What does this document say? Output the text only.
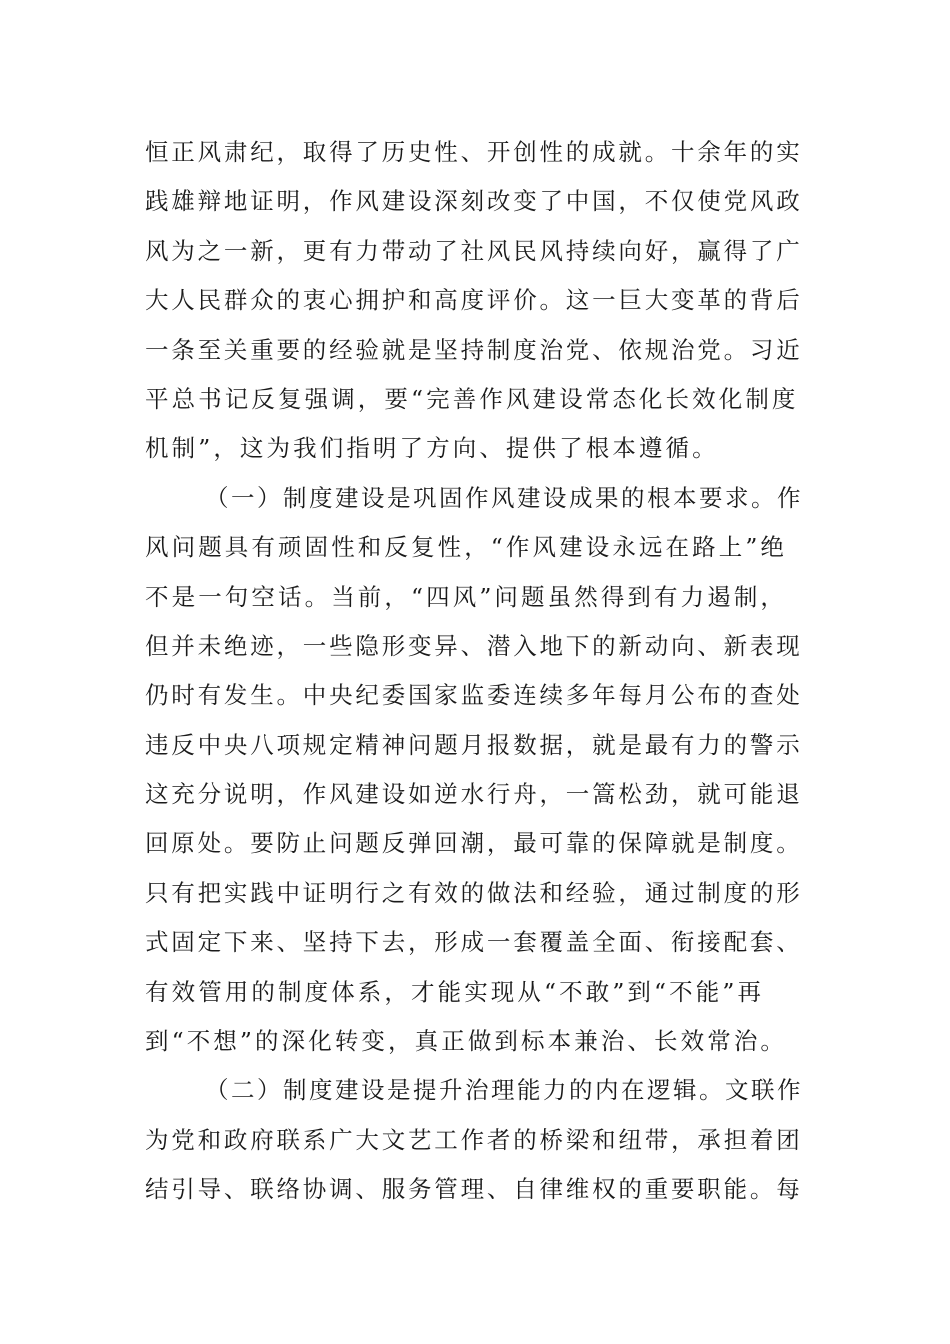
恒正风肃纪，取得了历史性、开创性的成就。十余年的实
践雄辩地证明，作风建设深刻改变了中国，不仅使党风政
风为之一新，更有力带动了社风民风持续向好，赢得了广
大人民群众的衷心拥护和高度评价。这一巨大变革的背后
一条至关重要的经验就是坚持制度治党、依规治党。习近
平总书记反复强调，要“完善作风建设常态化长效化制度
机制”，这为我们指明了方向、提供了根本遵循。
（一）制度建设是巩固作风建设成果的根本要求。作
风问题具有顽固性和反复性，“作风建设永远在路上”绝
不是一句空话。当前，“四风”问题虽然得到有力遏制，
但并未绝迹，一些隐形变异、潜入地下的新动向、新表现
仍时有发生。中央纪委国家监委连续多年每月公布的查处
违反中央八项规定精神问题月报数据，就是最有力的警示
这充分说明，作风建设如逆水行舟，一篙松劲，就可能退
回原处。要防止问题反弹回潮，最可靠的保障就是制度。
只有把实践中证明行之有效的做法和经验，通过制度的形
式固定下来、坚持下去，形成一套覆盖全面、衔接配套、
有效管用的制度体系，才能实现从“不敢”到“不能”再
到“不想”的深化转变，真正做到标本兼治、长效常治。
（二）制度建设是提升治理能力的内在逻辑。文联作
为党和政府联系广大文艺工作者的桥梁和纽带，承担着团
结引导、联络协调、服务管理、自律维权的重要职能。每
